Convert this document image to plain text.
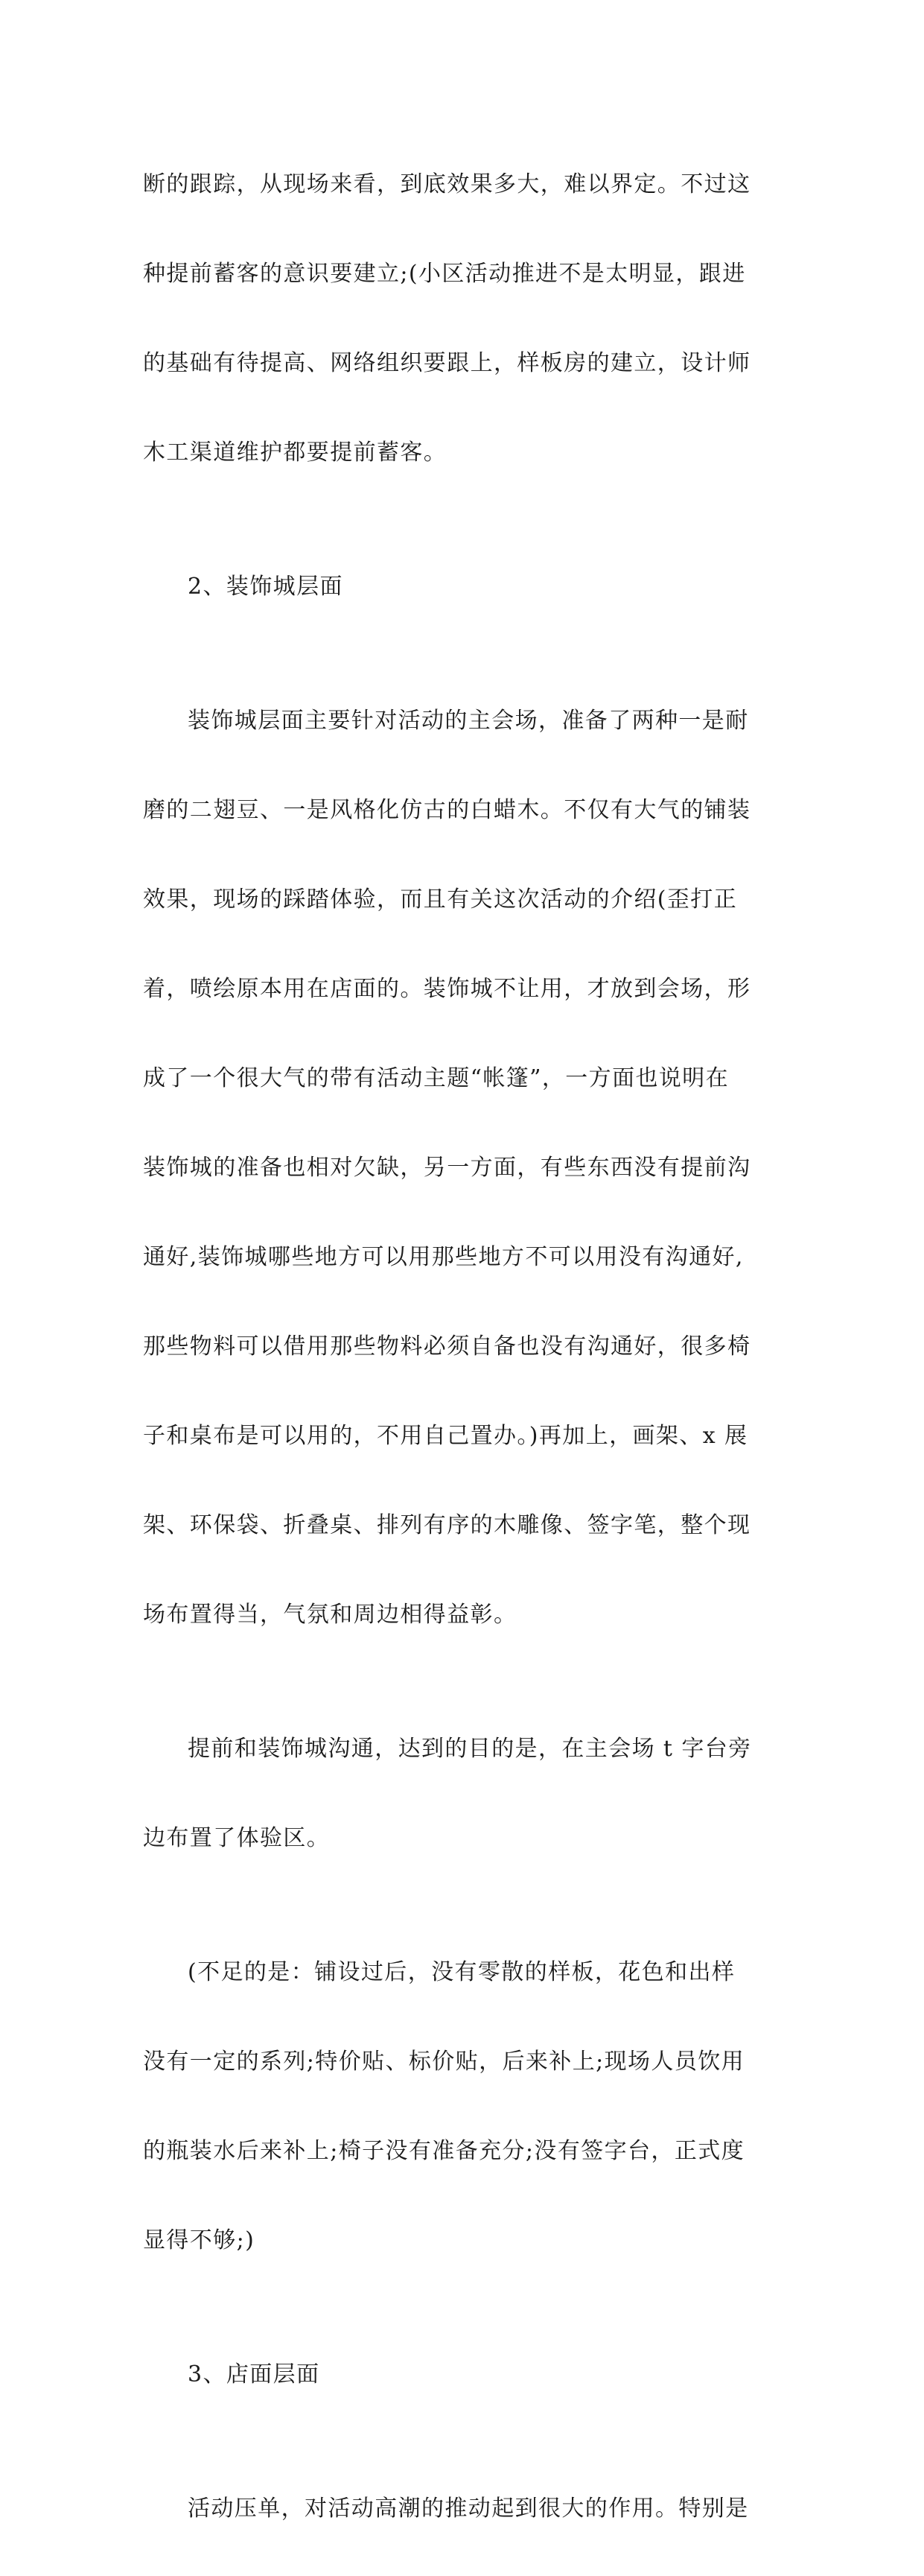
断的跟踪，从现场来看，到底效果多大，难以界定。不过这

种提前蓄客的意识要建立;(小区活动推进不是太明显，跟进

的基础有待提高、网络组织要跟上，样板房的建立，设计师

木工渠道维护都要提前蓄客。

2、装饰城层面

装饰城层面主要针对活动的主会场，准备了两种一是耐

磨的二翅豆、一是风格化仿古的白蜡木。不仅有大气的铺装

效果，现场的踩踏体验，而且有关这次活动的介绍(歪打正

着，喷绘原本用在店面的。装饰城不让用，才放到会场，形

成了一个很大气的带有活动主题“帐篷”，一方面也说明在

装饰城的准备也相对欠缺，另一方面，有些东西没有提前沟

通好,装饰城哪些地方可以用那些地方不可以用没有沟通好,

那些物料可以借用那些物料必须自备也没有沟通好，很多椅

子和桌布是可以用的，不用自己置办。)再加上，画架、x 展

架、环保袋、折叠桌、排列有序的木雕像、签字笔，整个现

场布置得当，气氛和周边相得益彰。

提前和装饰城沟通，达到的目的是，在主会场 t 字台旁

边布置了体验区。

(不足的是：铺设过后，没有零散的样板，花色和出样

没有一定的系列;特价贴、标价贴，后来补上;现场人员饮用

的瓶装水后来补上;椅子没有准备充分;没有签字台，正式度

显得不够;)

3、店面层面

活动压单，对活动高潮的推动起到很大的作用。特别是
